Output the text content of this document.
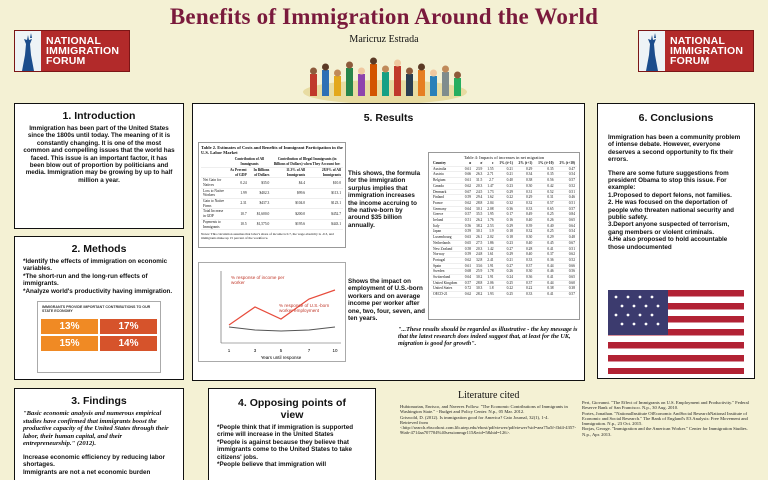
Benefits of Immigration Around the World
Maricruz Estrada
NATIONAL
IMMIGRATION
FORUM
NATIONAL
IMMIGRATION
FORUM
1. Introduction

Immigration has been part of the United States since the 1800s until today. The meaning of it is constantly changing. It is one of the most common and compelling issues that the world has faced. This issue is an important factor, it has been blow out of proportion by politicians and media. Immigration may be growing by up to half million a year.

2. Methods
*Identify the effects of immigration on economic variables.
*The short-run and the long-run effects of immigrants.
*Analyze world's productivity having immigration.
IMMIGRANTS PROVIDE IMPORTANT CONTRIBUTIONS TO OUR STATE ECONOMY
13%	17%
15%	14%
3. Findings

"Basic economic analysis and numerous empirical studies have confirmed that immigrants boost the productive capacity of the United States through their labor, their human capital, and their entrepreneurship." (2012).

Increase economic efficiency by reducing labor shortages.

Immigrants are not a net economic burden

4. Opposing points of view
*People think that if immigration is supported crime will increase in the United States
*People is against because they believe that immigrants come to the United States to take citizens' jobs.
*People believe that immigration will
5. Results
Table 2. Estimates of Costs and Benefits of Immigrant Participation in the U.S. Labor Market
	Contribution of All Immigrants		Contribution of Illegal Immigrants (in Billions of Dollars) when They Account for:	
	As Percent of GDP	In Billions of Dollars	11.3% of All Immigrants	28.9% of All Immigrants
Net Gain for Natives	0.24	$35.0	$4.4	$10.0
Loss to Native Workers	1.99	$402.3	$99.6	$113.1
Gain to Native Firms	2.31	$437.3	$104.0	$123.1
Total Increase in GDP	10.7	$1,600.0	$200.0	$452.7
Payments to Immigrants	10.5	$1,575.0	$195.6	$443.1
Notes: This calculation assumes that labor's share of income is 0.7, the wage elasticity is -0.3, and immigrants make up 15 percent of the workforce.
This shows, the formula for the immigration surplus implies that immigration increases the income accruing to the native-born by around $35 billion annually.
1	3	5	7	10
Years until response
% response of income per worker
% response of U.S.-born worker employment
Shows the impact on employment of U.S.-born workers and on average income per worker after one, two, four, seven, and ten years.
"...These results should be regarded as illustrative - the key message is that the latest research does indeed suggest that, at least for the UK, migration is good for growth".
Table 4: Impacts of increases in net migration
Country	α	σ	ε	1% (t+1)	2% (t+1)	1% (t+10)	2% (t+10)
Australia	0.61	23.9	1.55	0.21	0.29	0.35	0.47
Austria	0.66	26.3	2.71	0.21	0.34	0.35	0.54
Belgium	0.61	31.5	2.7	0.40	0.38	0.56	0.57
Canada	0.62	20.3	1.47	0.23	0.30	0.42	0.52
Denmark	0.67	24.5	1.73	0.29	0.31	0.52	0.51
Finland	0.59	29.4	1.62	0.22	0.29	0.31	0.46
France	0.62	28.8	2.04	0.32	0.32	0.57	0.51
Germany	0.64	30.1	2.08	0.36	0.33	0.65	0.57
Greece	0.57	35.5	1.95	0.17	0.49	0.25	0.84
Ireland	0.51	26.2	1.76	0.16	0.40	0.26	0.65
Italy	0.56	38.2	2.53	0.29	0.39	0.40	0.64
Japan	0.59	30.1	1.9	0.18	0.32	0.25	0.54
Luxembourg	0.63	26.1	2.02	0.18	0.30	0.29	0.48
Netherlands	0.65	27.5	1.86	0.23	0.40	0.45	0.67
New Zealand	0.58	20.3	1.42	0.27	0.28	0.41	0.51
Norway	0.59	24.8	1.61	0.29	0.40	0.37	0.62
Portugal	0.62	32.8	2.41	0.21	0.33	0.36	0.52
Spain	0.61	33.6	1.91	0.27	0.37	0.44	0.66
Sweden	0.68	25.9	1.78	0.26	0.30	0.46	0.56
Switzerland	0.64	30.2	1.91	0.24	0.36	0.41	0.65
United Kingdom	0.57	28.8	2.06	0.25	0.37	0.44	0.60
United States	0.72	30.3	1.8	0.22	0.22	0.38	0.38
OECD-21	0.62	28.2	1.93	0.25	0.33	0.41	0.57
6. Conclusions

Immigration has been a community problem of intense debate. However, everyone deserves a second opportunity to fix their errors.

There are some future suggestions from president Obama to stop this issue. For example:

1.Proposed to deport felons, not families.
2. He was focused on the deportation of people who threaten national security and public safety.
3.Deport anyone suspected of terrorism, gang members or violent criminals.
4.He also proposed to hold accountable those undocumented
Literature cited
Hubtonarian, Enrisco, and Naveres Follow. "The Economic Contributions of Immigrants in Washington State." - Budget and Policy Center. N.p., 05 Mar. 2012.
Griswold, D. (2012). Is immigration good for America? Cato Journal, 32(1), 1-4.
Retrieved from
<http://search.ebscohost.com.lib.utep.edu/ehost/pdfviewer/pdfviewer?sid=aea75a5f-f3d4-4357-96ab-4714aa707704%40sessionmgr115&vid=5&hid=126>.
Peri, Giovanni. "The Effect of Immigrants on U.S. Employment and Productivity." Federal Reserve Bank of San Francisco. N.p., 30 Aug. 2010.
Portes, Jonathan. "NationalInstitute OfEconomic AndSocial ResearchNational Institute of Economic and Social Research." The Bank of England's E3 Analysis: Free Movement and Immigration. N.p., 23 Oct. 2015.
Borjas, George. "Immigration and the American Worker." Center for Immigration Studies. N.p., Apr. 2013.
